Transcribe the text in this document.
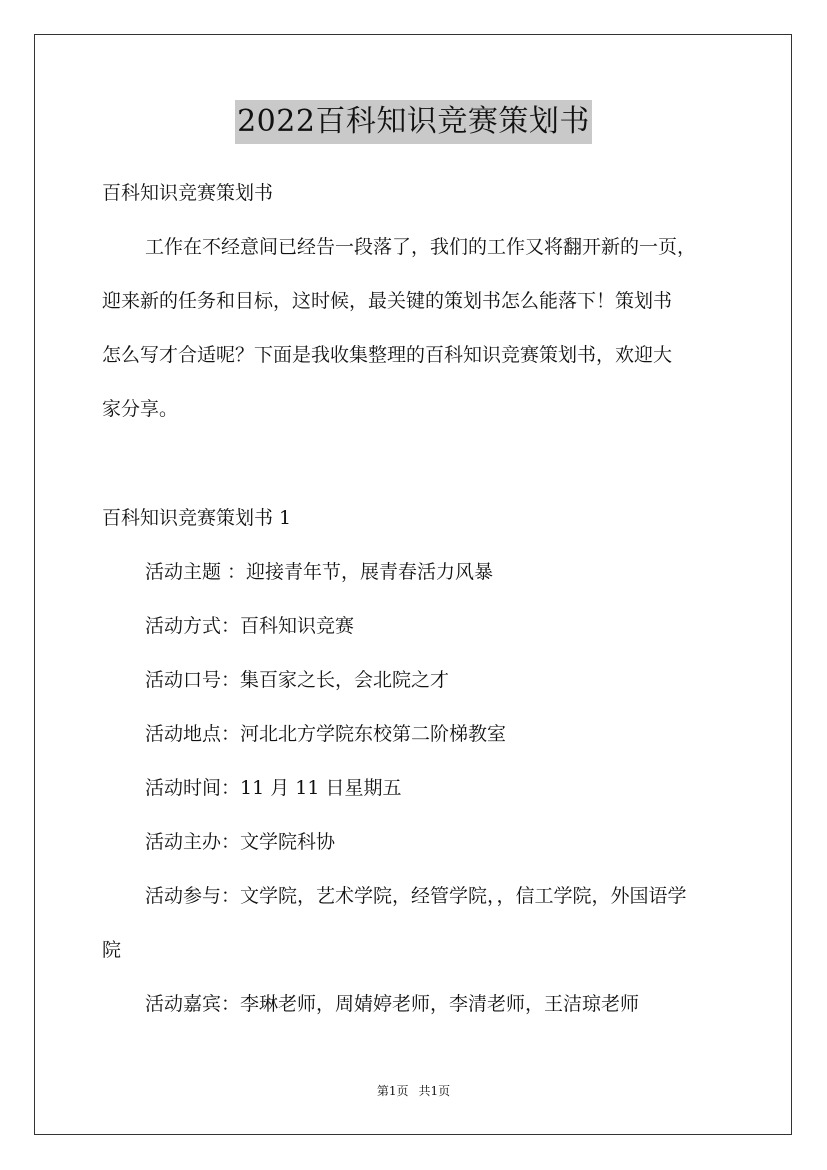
2022百科知识竞赛策划书
百科知识竞赛策划书
工作在不经意间已经告一段落了，我们的工作又将翻开新的一页，
迎来新的任务和目标，这时候，最关键的策划书怎么能落下！策划书
怎么写才合适呢？下面是我收集整理的百科知识竞赛策划书，欢迎大
家分享。
百科知识竞赛策划书 1
活动主题 ：迎接青年节，展青春活力风暴
活动方式：百科知识竞赛
活动口号：集百家之长，会北院之才
活动地点：河北北方学院东校第二阶梯教室
活动时间：11 月 11 日星期五
活动主办：文学院科协
活动参与：文学院，艺术学院，经管学院，，信工学院，外国语学
院
活动嘉宾：李琳老师，周婧婷老师，李清老师，王洁琼老师
第1页 共1页
